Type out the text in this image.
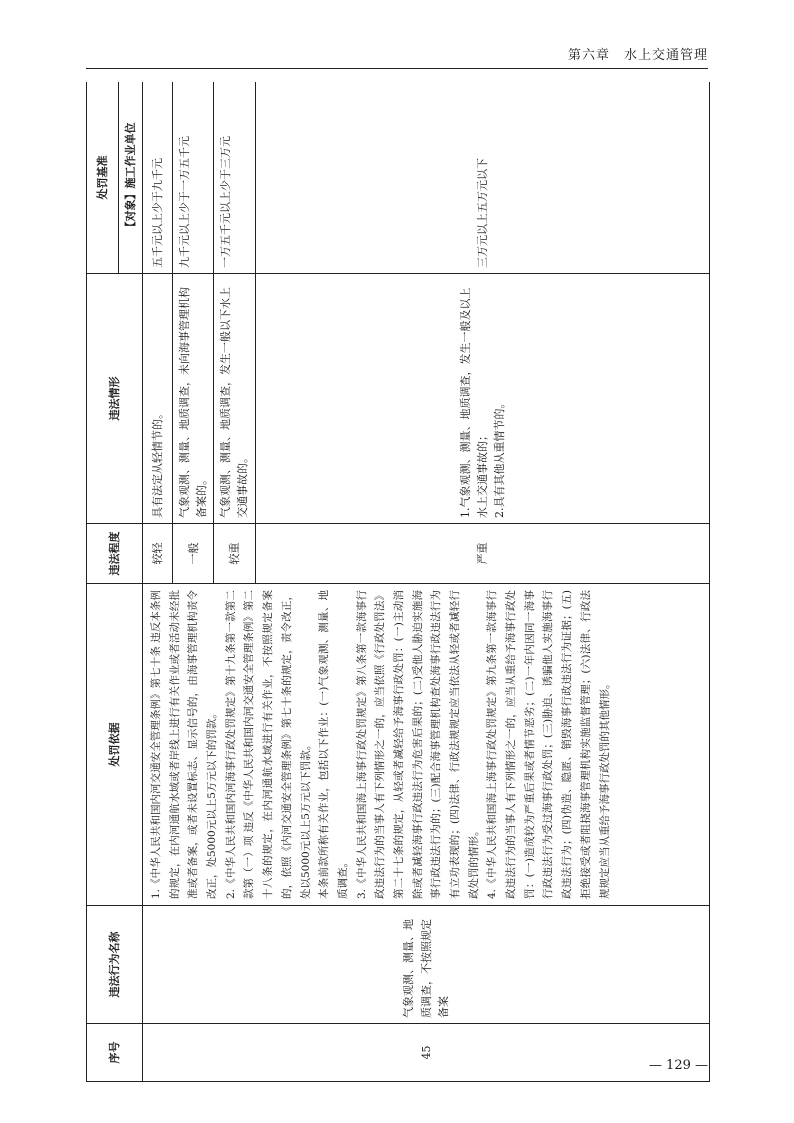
第六章　水上交通管理
序号	违法行为名称	处罚依据	违法程度	违法情形	处罚基准
					【对象】施工作业单位
45	气象观测、测量、地质调查，不按照规定备案	1.《中华人民共和国内河交通安全管理条例》第七十条 违反本条例的规定，在内河通航水域或者岸线上进行有关作业或者活动未经批准或者备案，或者未设置标志、显示信号的，由海事管理机构责令改正，处5000元以上5万元以下的罚款。 2.《中华人民共和国内河海事行政处罚规定》第十九条第一款第二款第（一）项 违反《中华人民共和国内河交通安全管理条例》第二十八条的规定，在内河通航水域进行有关作业，不按照规定备案的，依照《内河交通安全管理条例》第七十条的规定，责令改正，处以5000元以上5万元以下罚款。 本条前款所称有关作业，包括以下作业：(一)气象观测、测量、地质调查。 3.《中华人民共和国海上海事行政处罚规定》第八条第一款海事行政违法行为的当事人有下列情形之一的，应当依照《行政处罚法》第二十七条的规定，从轻或者减轻给予海事行政处罚：(一)主动消除或者减轻海事行政违法行为危害后果的；(二)受他人胁迫实施海事行政违法行为的；(三)配合海事管理机构查处海事行政违法行为有立功表现的；(四)法律、行政法规规定应当依法从轻或者减轻行政处罚的情形。 4.《中华人民共和国海上海事行政处罚规定》第九条第一款海事行政违法行为的当事人有下列情形之一的，应当从重给予海事行政处罚：(一)造成较为严重后果或者情节恶劣；(二)一年内因同一海事行政违法行为受过海事行政处罚；(三)胁迫、诱骗他人实施海事行政违法行为；(四)伪造、隐匿、销毁海事行政违法行为证据；(五)拒绝接受或者阻挠海事管理机构实施监督管理；(六)法律、行政法规规定应当从重给予海事行政处罚的其他情形。	较轻	具有法定从轻情节的。	五千元以上少于九千元
			一般	气象观测、测量、地质调查，未向海事管理机构备案的。	九千元以上少于一万五千元
			较重	气象观测、测量、地质调查，发生一般以下水上交通事故的。	一万五千元以上少于三万元
			严重	1.气象观测、测量、地质调查，发生一般及以上水上交通事故的； 2.具有其他从重情节的。	三万元以上五万元以下
— 129 —
